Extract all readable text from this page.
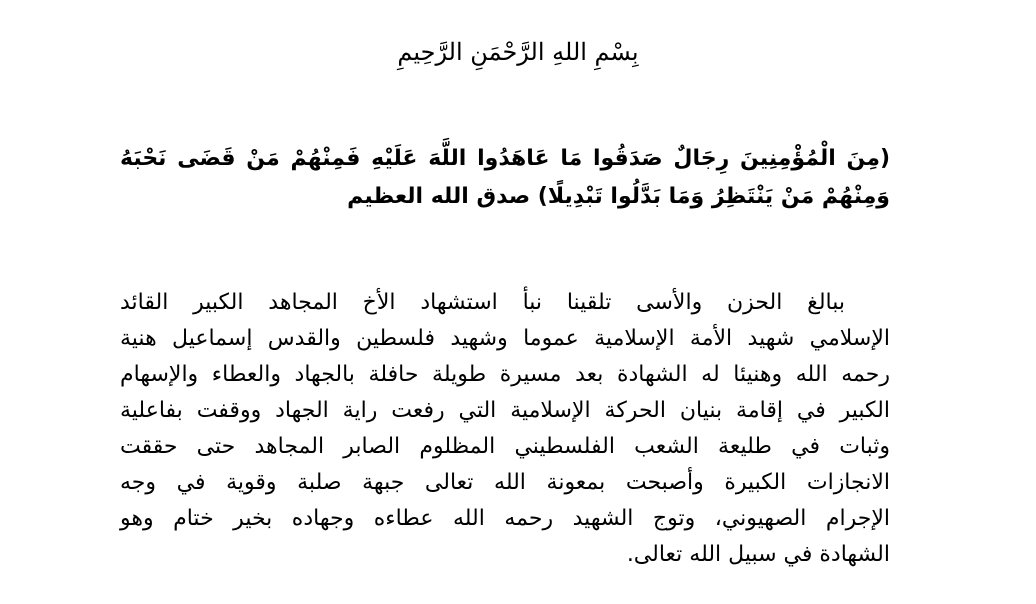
بِسْمِ اللهِ الرَّحْمَنِ الرَّحِيمِ
(مِنَ الْمُؤْمِنِينَ رِجَالٌ صَدَقُوا مَا عَاهَدُوا اللَّهَ عَلَيْهِ فَمِنْهُمْ مَنْ قَضَى نَحْبَهُ
وَمِنْهُمْ مَنْ يَنْتَظِرُ وَمَا بَدَّلُوا تَبْدِيلًا) صدق الله العظيم
ببالغ الحزن والأسى تلقينا نبأ استشهاد الأخ المجاهد الكبير القائد
الإسلامي شهيد الأمة الإسلامية عموما وشهيد فلسطين والقدس إسماعيل هنية
رحمه الله وهنيئا له الشهادة بعد مسيرة طويلة حافلة بالجهاد والعطاء والإسهام
الكبير في إقامة بنيان الحركة الإسلامية التي رفعت راية الجهاد ووقفت بفاعلية
وثبات في طليعة الشعب الفلسطيني المظلوم الصابر المجاهد حتى حققت
الانجازات الكبيرة وأصبحت بمعونة الله تعالى جبهة صلبة وقوية في وجه
الإجرام الصهيوني، وتوج الشهيد رحمه الله عطاءه وجهاده بخير ختام وهو
الشهادة في سبيل الله تعالى.
